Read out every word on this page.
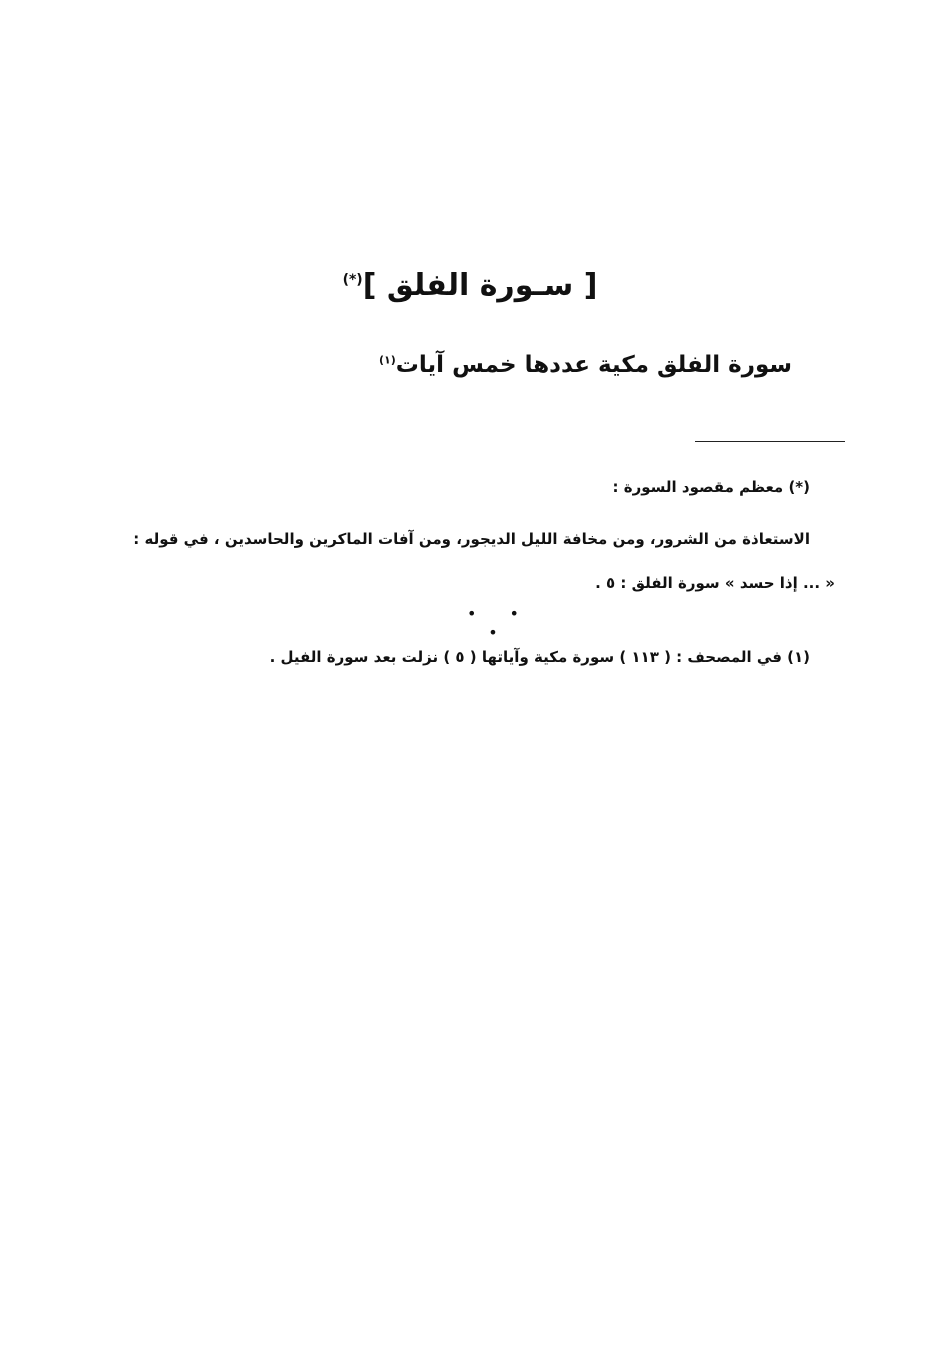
[ سـورة الفلق ](*)
سورة الفلق مكية عددها خمس آيات$^{(١)}$
(*) معظم مقصود السورة :
الاستعاذة من الشرور، ومن مخافة الليل الديجور، ومن آفات الماكرين والحاسدين ، في قوله :
« ... إذا حسد » سورة الفلق : ٥ .
• • •
(١) في المصحف : ( ١١٣ ) سورة مكية وآياتها ( ٥ ) نزلت بعد سورة الفيل .
